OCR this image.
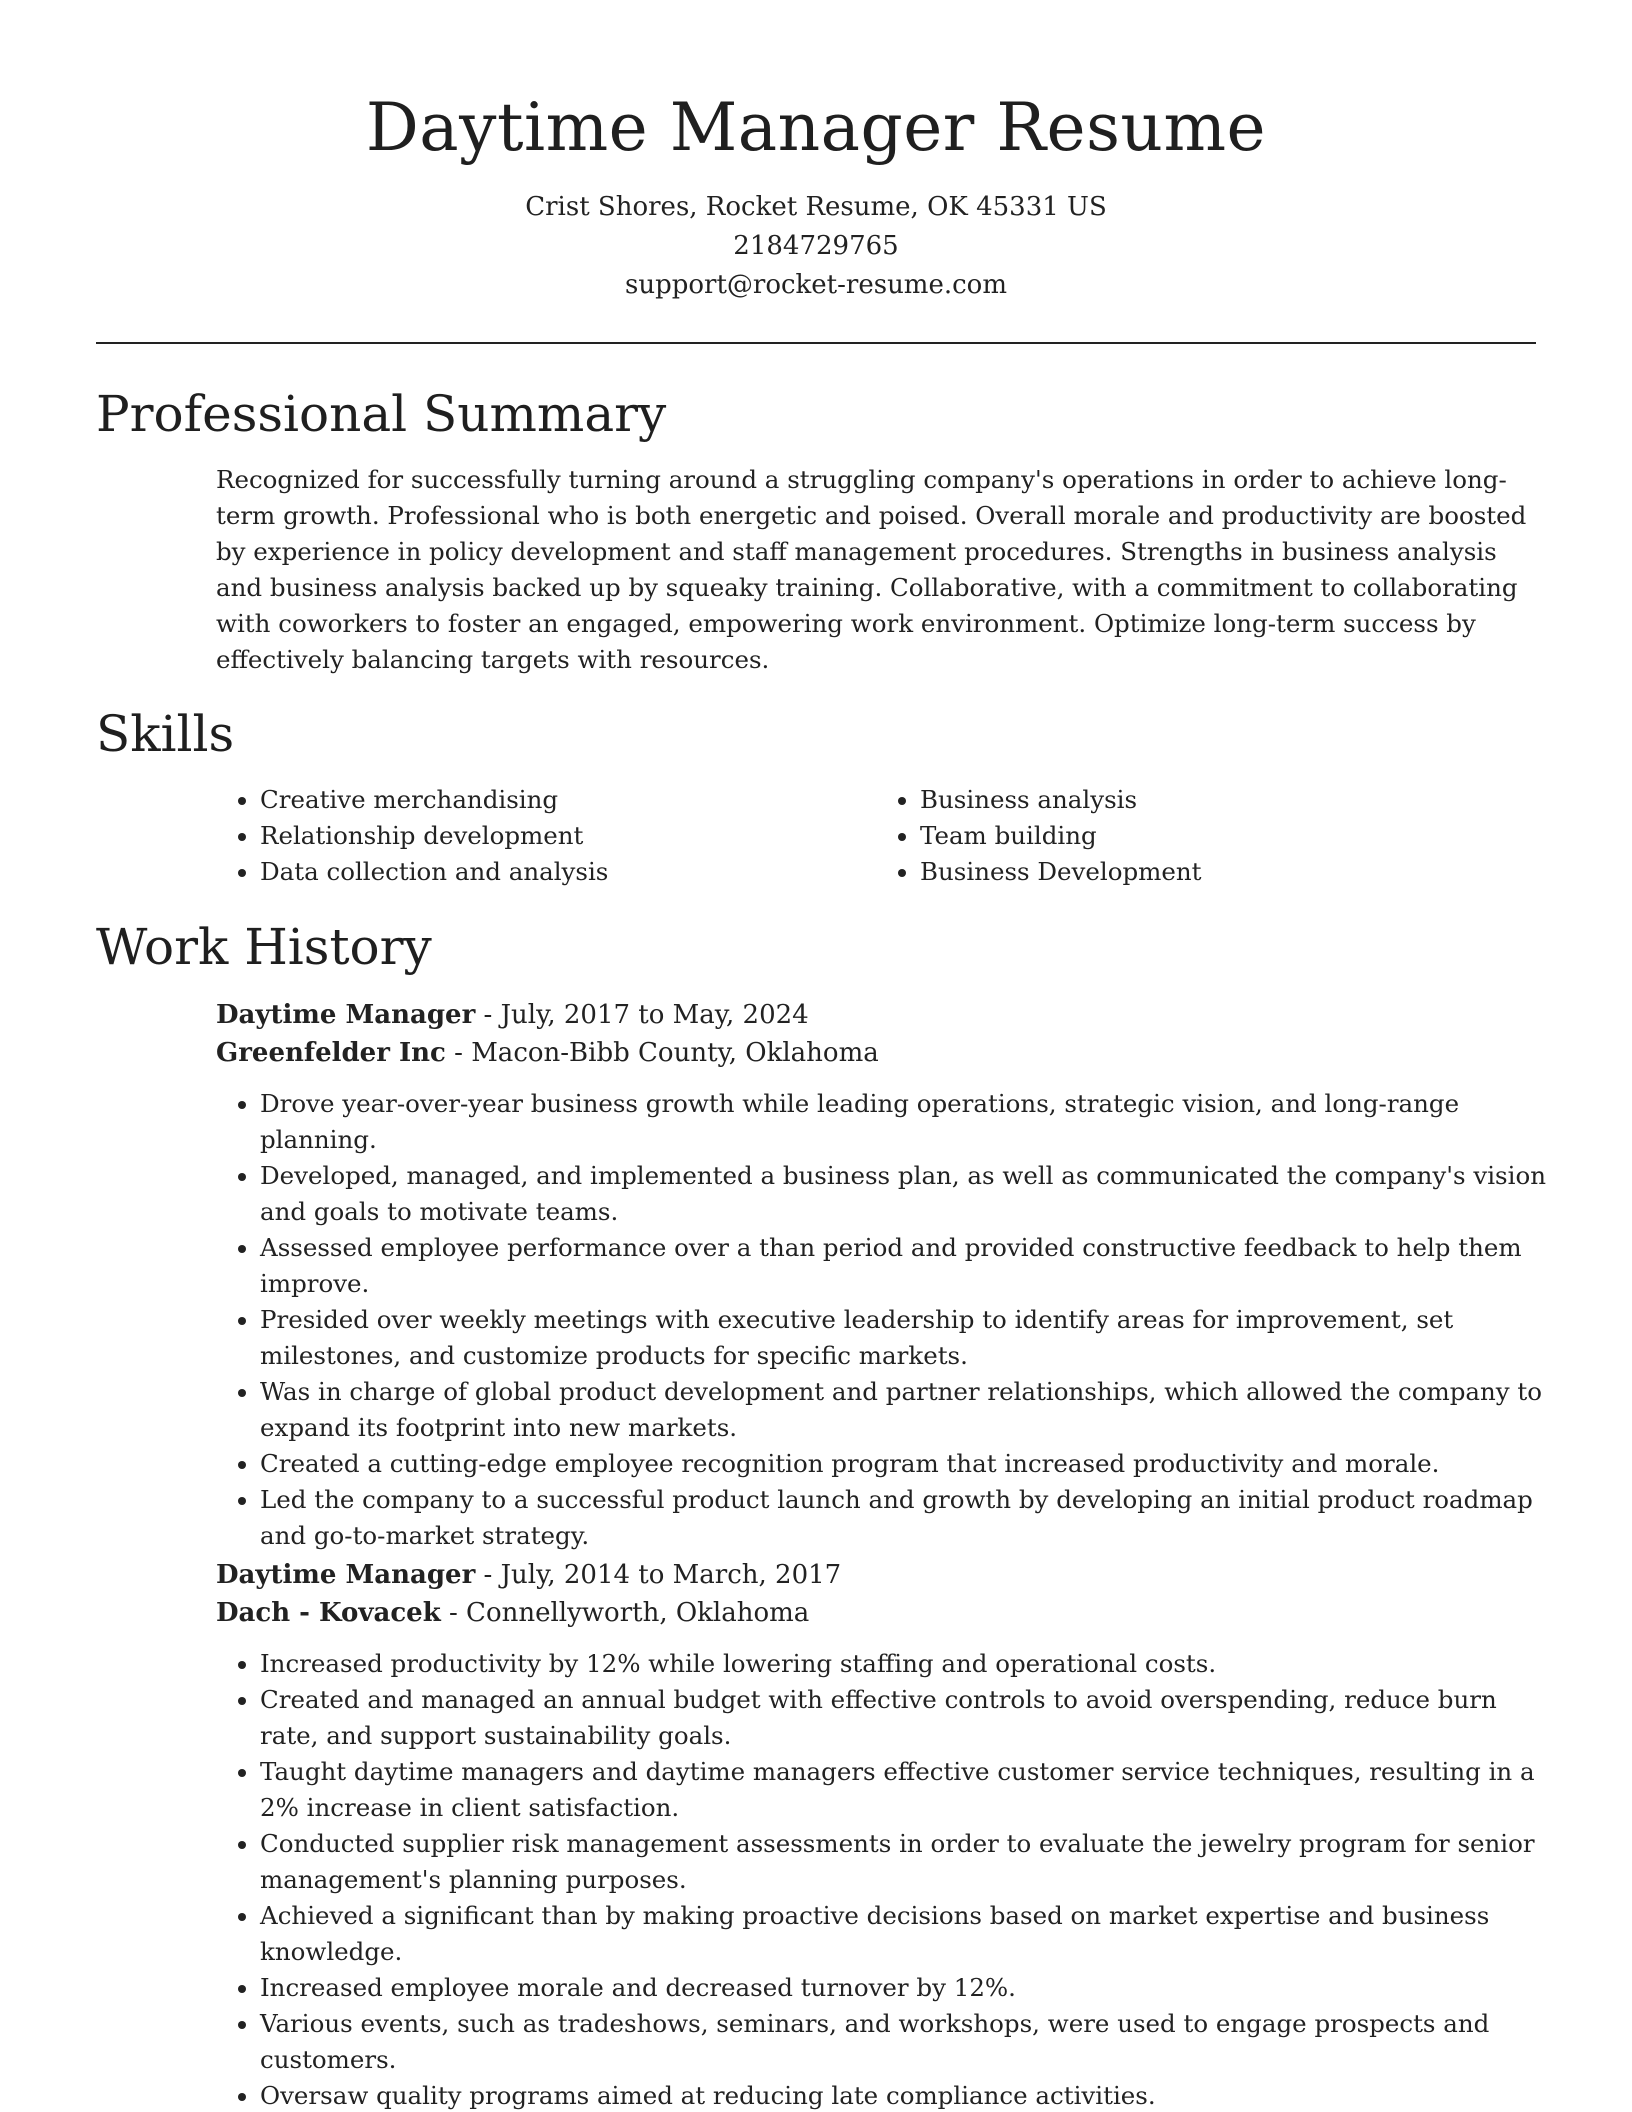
Daytime Manager Resume
Crist Shores, Rocket Resume, OK 45331 US
2184729765
support@rocket-resume.com
Professional Summary

Recognized for successfully turning around a struggling company's operations in order to achieve long-term growth. Professional who is both energetic and poised. Overall morale and productivity are boosted by experience in policy development and staff management procedures. Strengths in business analysis and business analysis backed up by squeaky training. Collaborative, with a commitment to collaborating with coworkers to foster an engaged, empowering work environment. Optimize long-term success by effectively balancing targets with resources.

Skills
• Creative merchandising
• Relationship development
• Data collection and analysis
• Business analysis
• Team building
• Business Development
Work History
Daytime Manager - July, 2017 to May, 2024
Greenfelder Inc - Macon-Bibb County, Oklahoma
• Drove year-over-year business growth while leading operations, strategic vision, and long-range planning.
• Developed, managed, and implemented a business plan, as well as communicated the company's vision and goals to motivate teams.
• Assessed employee performance over a than period and provided constructive feedback to help them improve.
• Presided over weekly meetings with executive leadership to identify areas for improvement, set milestones, and customize products for specific markets.
• Was in charge of global product development and partner relationships, which allowed the company to expand its footprint into new markets.
• Created a cutting-edge employee recognition program that increased productivity and morale.
• Led the company to a successful product launch and growth by developing an initial product roadmap and go-to-market strategy.
Daytime Manager - July, 2014 to March, 2017
Dach - Kovacek - Connellyworth, Oklahoma
• Increased productivity by 12% while lowering staffing and operational costs.
• Created and managed an annual budget with effective controls to avoid overspending, reduce burn rate, and support sustainability goals.
• Taught daytime managers and daytime managers effective customer service techniques, resulting in a 2% increase in client satisfaction.
• Conducted supplier risk management assessments in order to evaluate the jewelry program for senior management's planning purposes.
• Achieved a significant than by making proactive decisions based on market expertise and business knowledge.
• Increased employee morale and decreased turnover by 12%.
• Various events, such as tradeshows, seminars, and workshops, were used to engage prospects and customers.
• Oversaw quality programs aimed at reducing late compliance activities.
